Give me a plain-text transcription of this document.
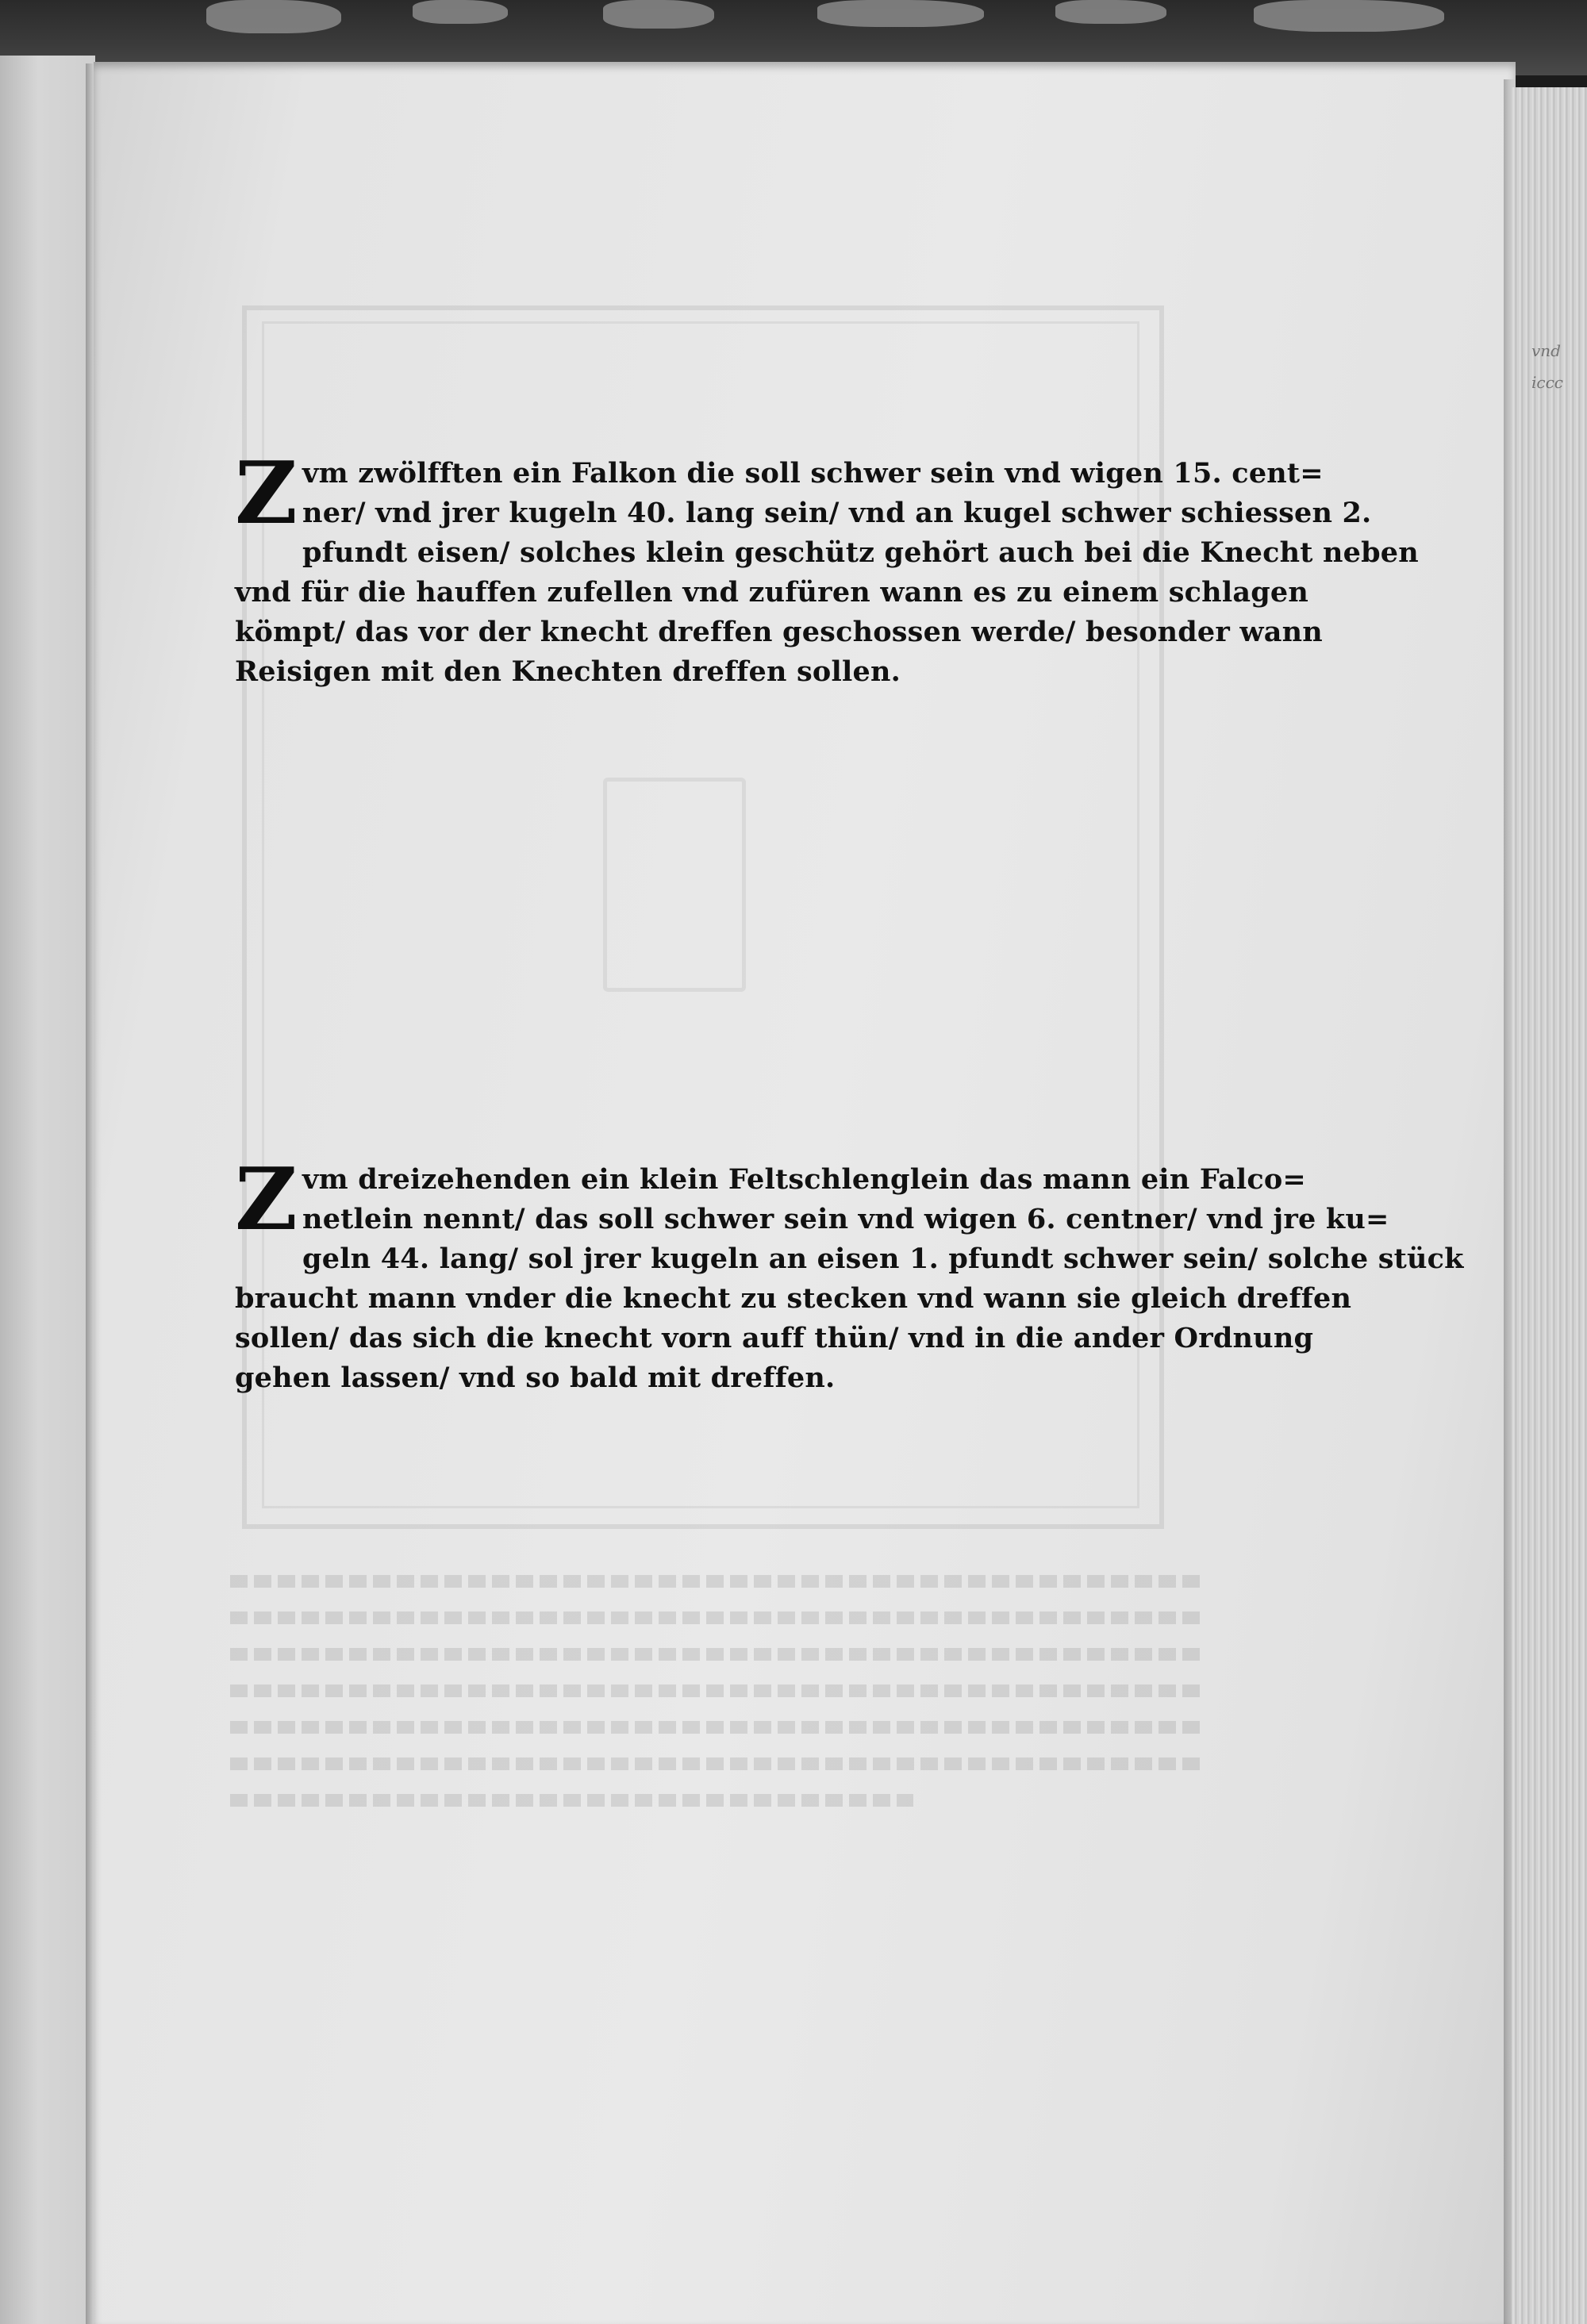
Z vm zwölfften ein Falkon die soll schwer sein vnd wigen 15. cent=
ner/ vnd jrer kugeln 40. lang sein/ vnd an kugel schwer schiessen 2.
pfundt eisen/ solches klein geschütz gehört auch bei die Knecht neben
vnd für die hauffen zufellen vnd zufüren wann es zu einem schlagen
kömpt/ das vor der knecht dreffen geschossen werde/ besonder wann
Reisigen mit den Knechten dreffen sollen.
Z vm dreizehenden ein klein Feltschlenglein das mann ein Falco=
netlein nennt/ das soll schwer sein vnd wigen 6. centner/ vnd jre ku=
geln 44. lang/ sol jrer kugeln an eisen 1. pfundt schwer sein/ solche stück
braucht mann vnder die knecht zu stecken vnd wann sie gleich dreffen
sollen/ das sich die knecht vorn auff thün/ vnd in die ander Ordnung
gehen lassen/ vnd so bald mit dreffen.
vnd
iccc
